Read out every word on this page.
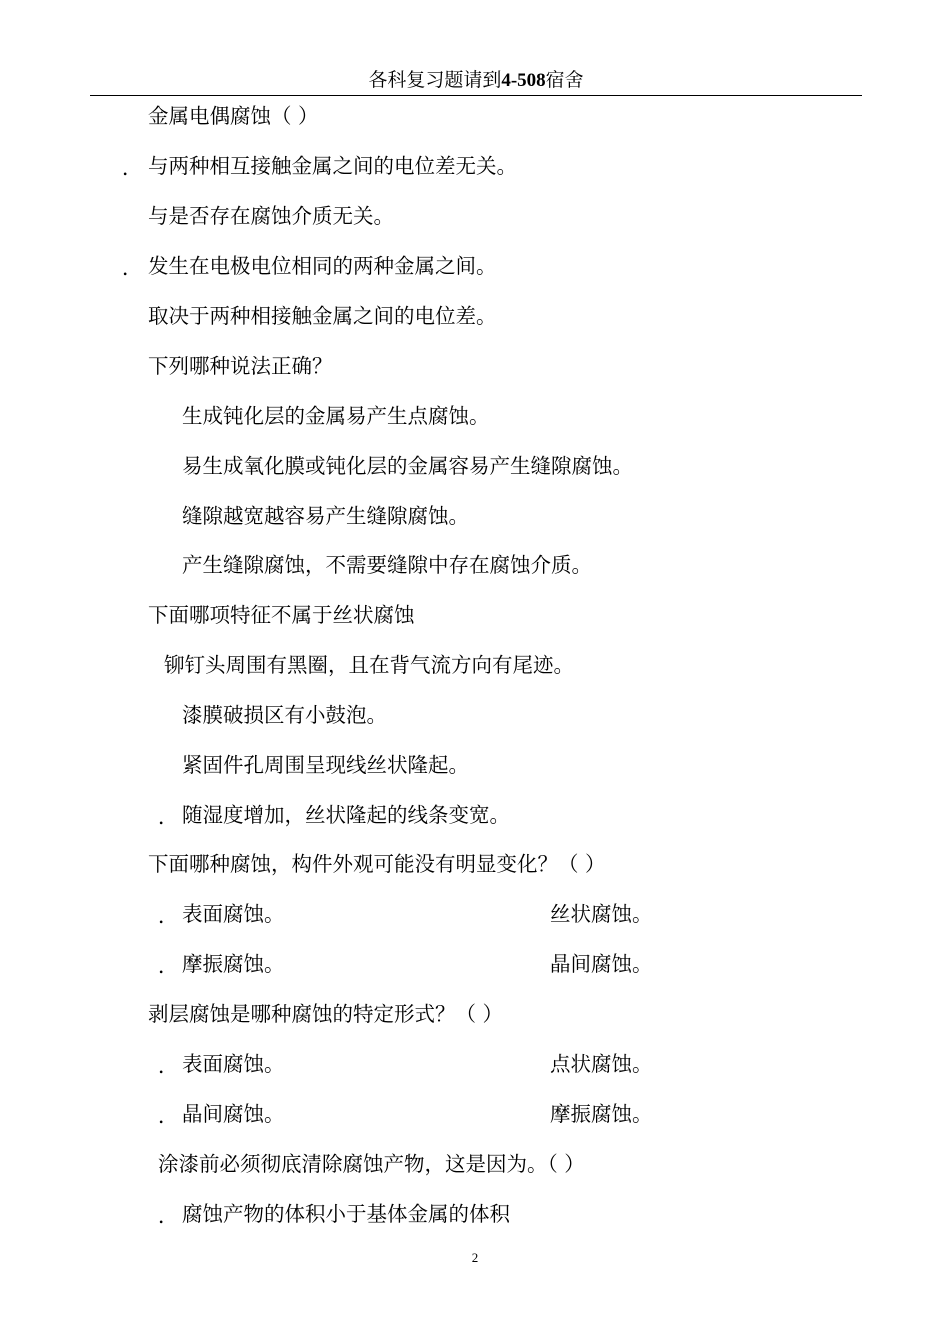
各科复习题请到4-508宿舍
金属电偶腐蚀（ ）
． 与两种相互接触金属之间的电位差无关。
与是否存在腐蚀介质无关。
． 发生在电极电位相同的两种金属之间。
取决于两种相接触金属之间的电位差。
下列哪种说法正确？
生成钝化层的金属易产生点腐蚀。
易生成氧化膜或钝化层的金属容易产生缝隙腐蚀。
缝隙越宽越容易产生缝隙腐蚀。
产生缝隙腐蚀，不需要缝隙中存在腐蚀介质。
下面哪项特征不属于丝状腐蚀
铆钉头周围有黑圈，且在背气流方向有尾迹。
漆膜破损区有小鼓泡。
紧固件孔周围呈现线丝状隆起。
． 随湿度增加，丝状隆起的线条变宽。
下面哪种腐蚀，构件外观可能没有明显变化？（ ）
． 表面腐蚀。	丝状腐蚀。
． 摩振腐蚀。	晶间腐蚀。
剥层腐蚀是哪种腐蚀的特定形式？（ ）
． 表面腐蚀。	点状腐蚀。
． 晶间腐蚀。	摩振腐蚀。
涂漆前必须彻底清除腐蚀产物，这是因为。（ ）
． 腐蚀产物的体积小于基体金属的体积
2
